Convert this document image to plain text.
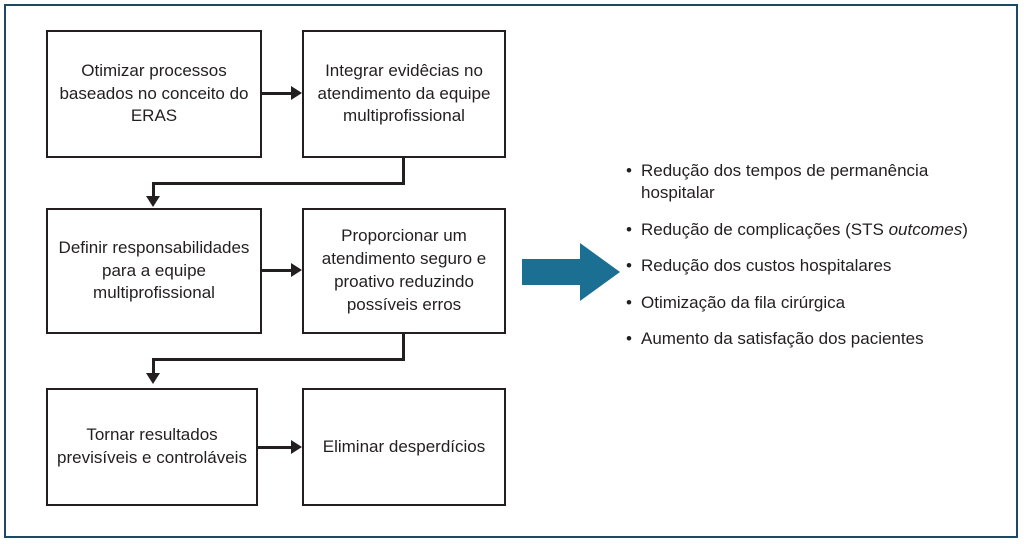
Otimizar processos baseados no conceito do ERAS
Integrar evidêcias no atendimento da equipe multiprofissional
Definir responsabilidades para a equipe multiprofissional
Proporcionar um atendimento seguro e proativo reduzindo possíveis erros
Tornar resultados previsíveis e controláveis
Eliminar desperdícios
• Redução dos tempos de permanência hospitalar
• Redução de complicações (STS outcomes)
• Redução dos custos hospitalares
• Otimização da fila cirúrgica
• Aumento da satisfação dos pacientes
